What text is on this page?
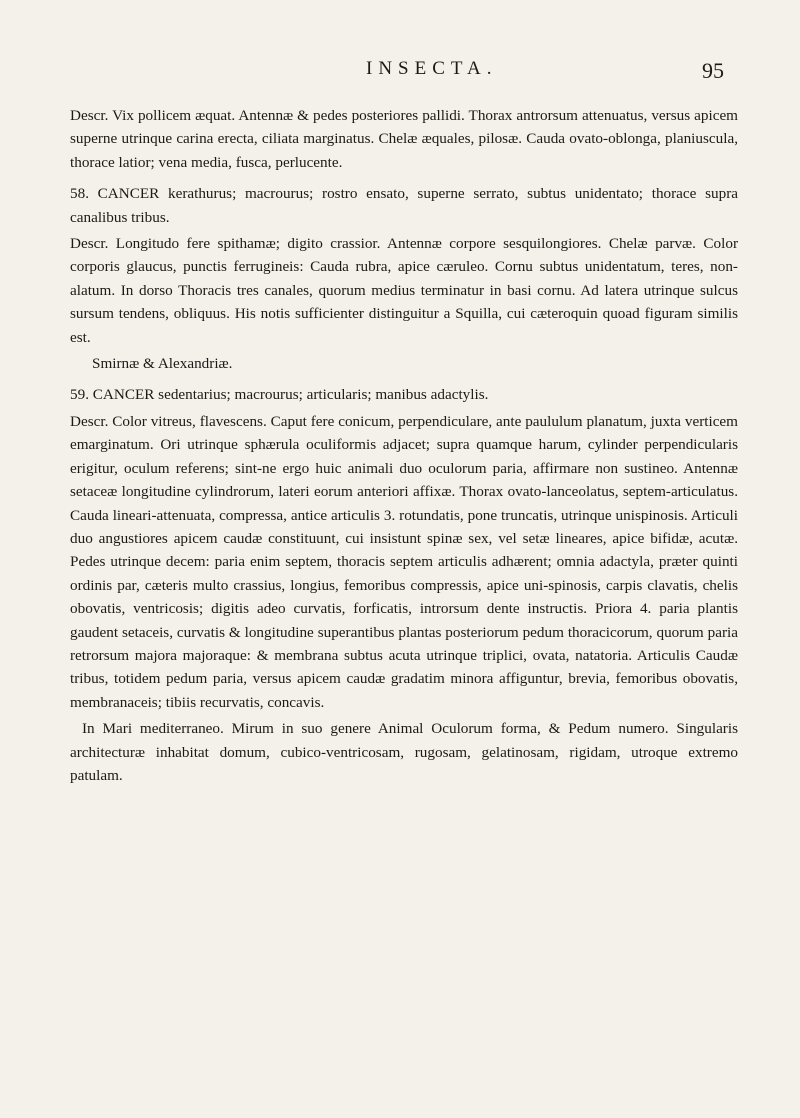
INSECTA.	95

Descr. Vix pollicem æquat. Antennæ & pedes posteriores pallidi. Thorax antrorsum attenuatus, versus apicem superne utrinque carina erecta, ciliata marginatus. Chelæ æquales, pilosæ. Cauda ovato-oblonga, planiuscula, thorace latior; vena media, fusca, perlucente.

58. CANCER kerathurus; macrourus; rostro ensato, superne serrato, subtus unidentato; thorace supra canalibus tribus.

Descr. Longitudo fere spithamæ; digito crassior. Antennæ corpore sesquilongiores. Chelæ parvæ. Color corporis glaucus, punctis ferrugineis: Cauda rubra, apice cæruleo. Cornu subtus unidentatum, teres, non-alatum. In dorso Thoracis tres canales, quorum medius terminatur in basi cornu. Ad latera utrinque sulcus sursum tendens, obliquus. His notis sufficienter distinguitur a Squilla, cui cæteroquin quoad figuram similis est.

Smirnæ & Alexandriæ.

59. CANCER sedentarius; macrourus; articularis; manibus adactylis.

Descr. Color vitreus, flavescens. Caput fere conicum, perpendiculare, ante paululum planatum, juxta verticem emarginatum. Ori utrinque sphærula oculiformis adjacet; supra quamque harum, cylinder perpendicularis erigitur, oculum referens; sint-ne ergo huic animali duo oculorum paria, affirmare non sustineo. Antennæ setaceæ longitudine cylindrorum, lateri eorum anteriori affixæ. Thorax ovato-lanceolatus, septem-articulatus. Cauda lineari-attenuata, compressa, antice articulis 3. rotundatis, pone truncatis, utrinque unispinosis. Articuli duo angustiores apicem caudæ constituunt, cui insistunt spinæ sex, vel setæ lineares, apice bifidæ, acutæ. Pedes utrinque decem: paria enim septem, thoracis septem articulis adhærent; omnia adactyla, præter quinti ordinis par, cæteris multo crassius, longius, femoribus compressis, apice uni-spinosis, carpis clavatis, chelis obovatis, ventricosis; digitis adeo curvatis, forficatis, introrsum dente instructis. Priora 4. paria plantis gaudent setaceis, curvatis & longitudine superantibus plantas posteriorum pedum thoracicorum, quorum paria retrorsum majora majoraque: & membrana subtus acuta utrinque triplici, ovata, natatoria. Articulis Caudæ tribus, totidem pedum paria, versus apicem caudæ gradatim minora affiguntur, brevia, femoribus obovatis, membranaceis; tibiis recurvatis, concavis.

In Mari mediterraneo. Mirum in suo genere Animal Oculorum forma, & Pedum numero. Singularis architecturæ inhabitat domum, cubico-ventricosam, rugosam, gelatinosam, rigidam, utroque extremo patulam.
